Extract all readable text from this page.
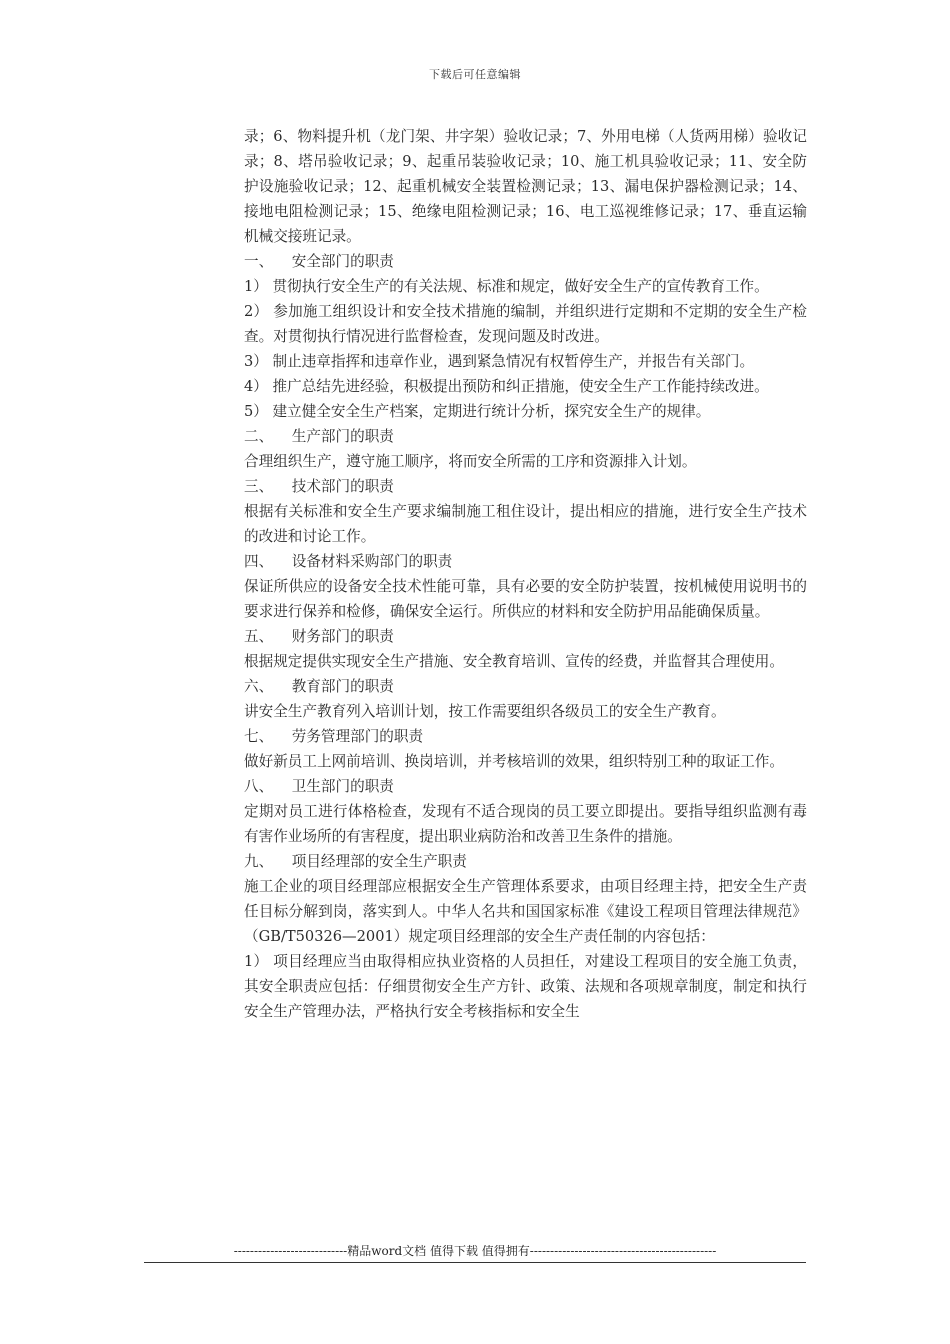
下载后可任意编辑

录；6、物料提升机（龙门架、井字架）验收记录；7、外用电梯（人货两用梯）验收记录；8、塔吊验收记录；9、起重吊装验收记录；10、施工机具验收记录；11、安全防护设施验收记录；12、起重机械安全装置检测记录；13、漏电保护器检测记录；14、接地电阻检测记录；15、绝缘电阻检测记录；16、电工巡视维修记录；17、垂直运输机械交接班记录。

一、    安全部门的职责

1） 贯彻执行安全生产的有关法规、标准和规定，做好安全生产的宣传教育工作。

2） 参加施工组织设计和安全技术措施的编制，并组织进行定期和不定期的安全生产检查。对贯彻执行情况进行监督检查，发现问题及时改进。

3） 制止违章指挥和违章作业，遇到紧急情况有权暂停生产，并报告有关部门。

4） 推广总结先进经验，积极提出预防和纠正措施，使安全生产工作能持续改进。

5） 建立健全安全生产档案，定期进行统计分析，探究安全生产的规律。

二、    生产部门的职责

合理组织生产，遵守施工顺序，将而安全所需的工序和资源排入计划。

三、    技术部门的职责

根据有关标准和安全生产要求编制施工租住设计，提出相应的措施，进行安全生产技术的改进和讨论工作。

四、    设备材料采购部门的职责

保证所供应的设备安全技术性能可靠，具有必要的安全防护装置，按机械使用说明书的要求进行保养和检修，确保安全运行。所供应的材料和安全防护用品能确保质量。

五、    财务部门的职责

根据规定提供实现安全生产措施、安全教育培训、宣传的经费，并监督其合理使用。

六、    教育部门的职责

讲安全生产教育列入培训计划，按工作需要组织各级员工的安全生产教育。

七、    劳务管理部门的职责

做好新员工上网前培训、换岗培训，并考核培训的效果，组织特别工种的取证工作。

八、    卫生部门的职责

定期对员工进行体格检查，发现有不适合现岗的员工要立即提出。要指导组织监测有毒有害作业场所的有害程度，提出职业病防治和改善卫生条件的措施。

九、    项目经理部的安全生产职责

施工企业的项目经理部应根据安全生产管理体系要求，由项目经理主持，把安全生产责任目标分解到岗，落实到人。中华人名共和国国家标准《建设工程项目管理法律规范》（GB/T50326—2001）规定项目经理部的安全生产责任制的内容包括：

1） 项目经理应当由取得相应执业资格的人员担任，对建设工程项目的安全施工负责，其安全职责应包括：仔细贯彻安全生产方针、政策、法规和各项规章制度，制定和执行安全生产管理办法，严格执行安全考核指标和安全生

----------------------------精品word文档 值得下载 值得拥有----------------------------------------------
